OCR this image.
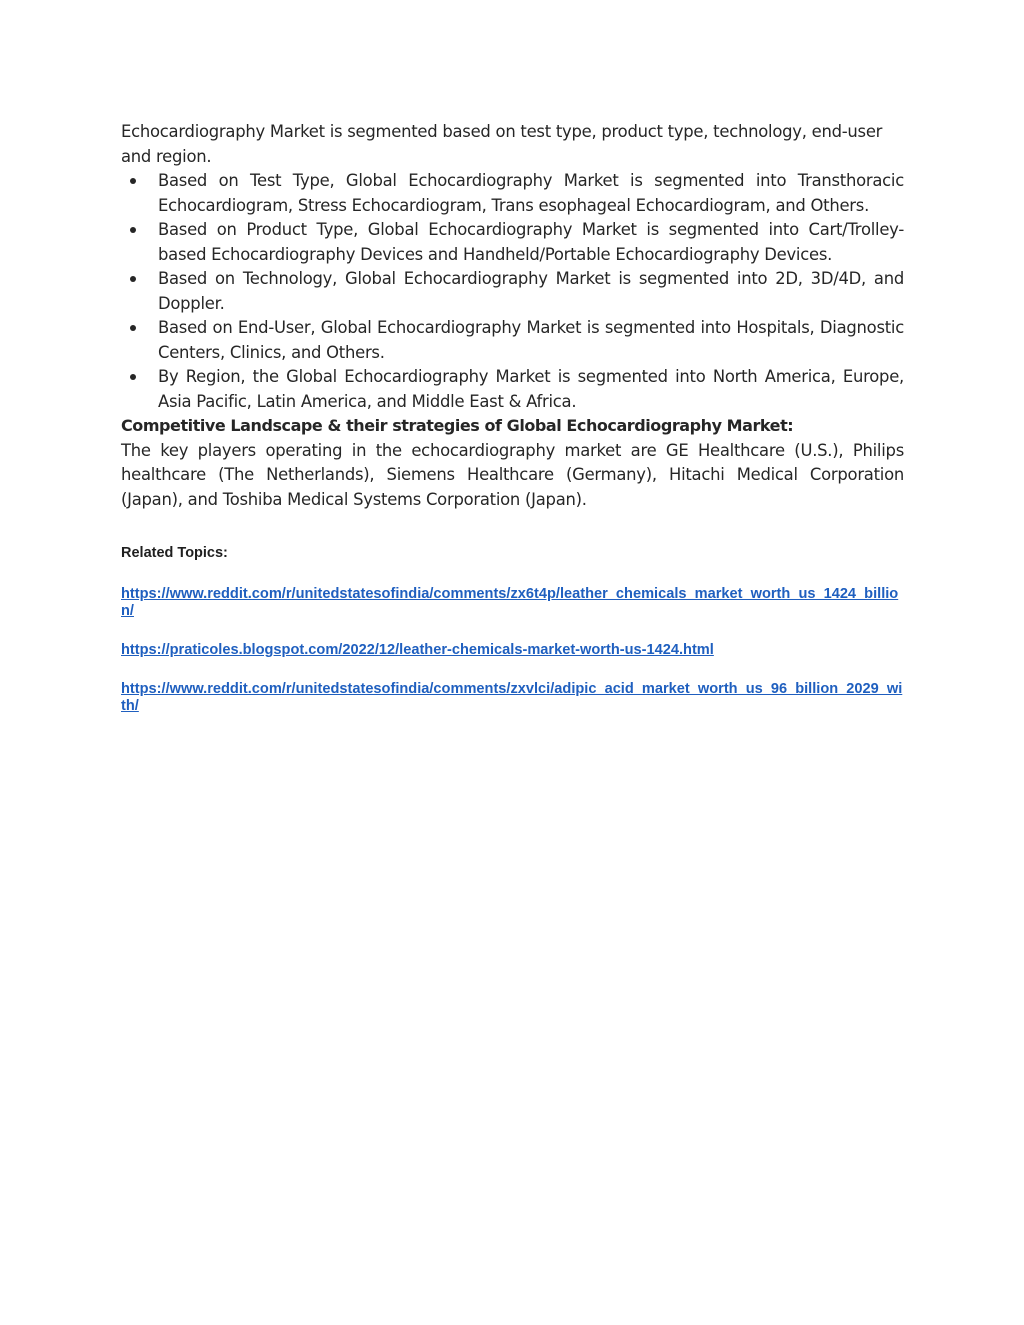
Echocardiography Market is segmented based on test type, product type, technology, end-user and region.

Based on Test Type, Global Echocardiography Market is segmented into Transthoracic Echocardiogram, Stress Echocardiogram, Trans esophageal Echocardiogram, and Others.
Based on Product Type, Global Echocardiography Market is segmented into Cart/Trolley-based Echocardiography Devices and Handheld/Portable Echocardiography Devices.
Based on Technology, Global Echocardiography Market is segmented into 2D, 3D/4D, and Doppler.
Based on End-User, Global Echocardiography Market is segmented into Hospitals, Diagnostic Centers, Clinics, and Others.
By Region, the Global Echocardiography Market is segmented into North America, Europe, Asia Pacific, Latin America, and Middle East & Africa.

Competitive Landscape & their strategies of Global Echocardiography Market:

The key players operating in the echocardiography market are GE Healthcare (U.S.), Philips healthcare (The Netherlands), Siemens Healthcare (Germany), Hitachi Medical Corporation (Japan), and Toshiba Medical Systems Corporation (Japan).

Related Topics:

https://www.reddit.com/r/unitedstatesofindia/comments/zx6t4p/leather_chemicals_market_worth_us_1424_billion/
https://praticoles.blogspot.com/2022/12/leather-chemicals-market-worth-us-1424.html
https://www.reddit.com/r/unitedstatesofindia/comments/zxvlci/adipic_acid_market_worth_us_96_billion_2029_with/
